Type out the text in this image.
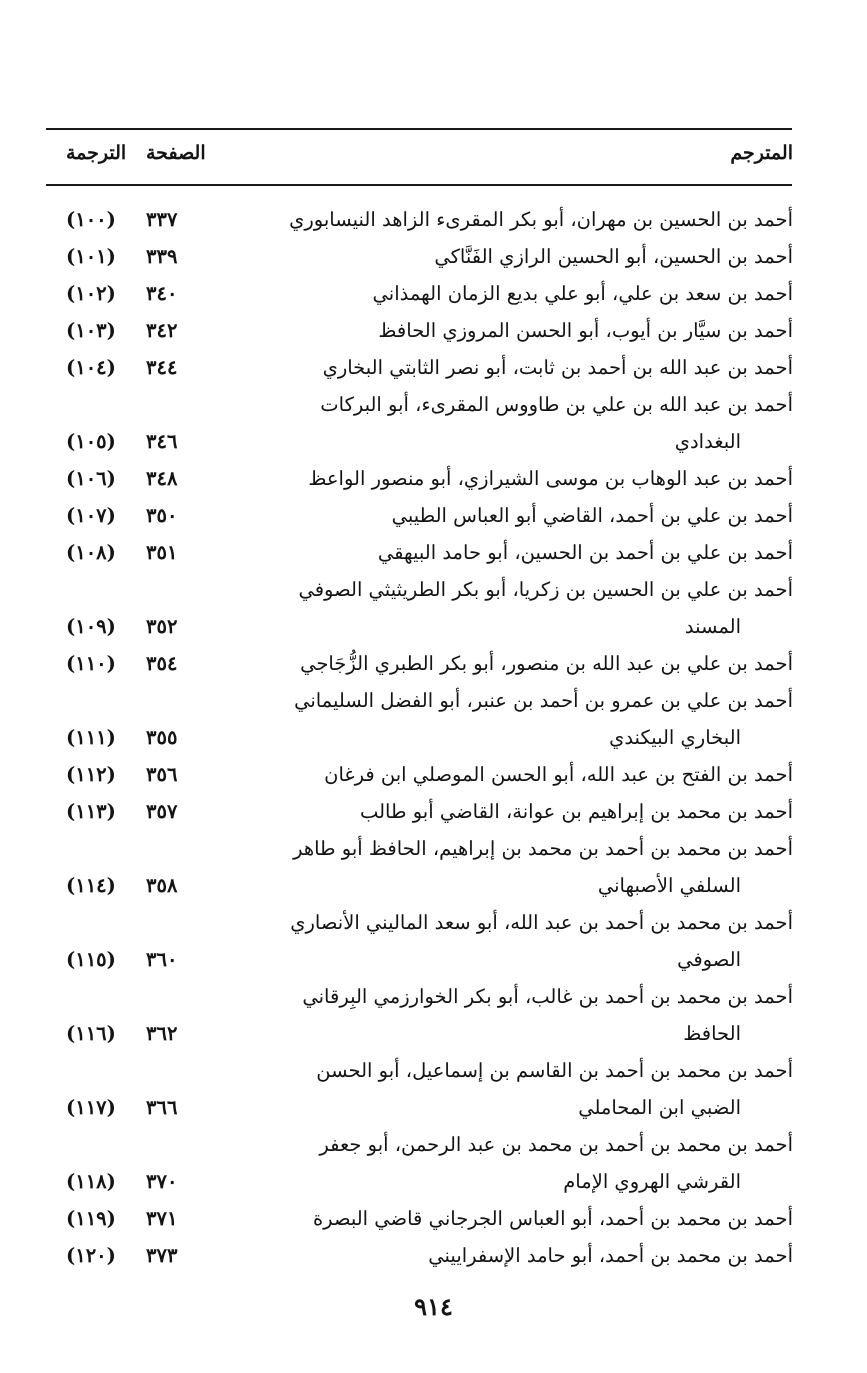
المترجم
الصفحة
الترجمة
أحمد بن الحسين بن مهران، أبو بكر المقرىء الزاهد النيسابوري
٣٣٧
(١٠٠)
أحمد بن الحسين، أبو الحسين الرازي الفَنَّاكي
٣٣٩
(١٠١)
أحمد بن سعد بن علي، أبو علي بديع الزمان الهمذاني
٣٤٠
(١٠٢)
أحمد بن سيَّار بن أيوب، أبو الحسن المروزي الحافظ
٣٤٢
(١٠٣)
أحمد بن عبد الله بن أحمد بن ثابت، أبو نصر الثابتي البخاري
٣٤٤
(١٠٤)
أحمد بن عبد الله بن علي بن طاووس المقرىء، أبو البركات
البغدادي
٣٤٦
(١٠٥)
أحمد بن عبد الوهاب بن موسى الشيرازي، أبو منصور الواعظ
٣٤٨
(١٠٦)
أحمد بن علي بن أحمد، القاضي أبو العباس الطيبي
٣٥٠
(١٠٧)
أحمد بن علي بن أحمد بن الحسين، أبو حامد البيهقي
٣٥١
(١٠٨)
أحمد بن علي بن الحسين بن زكريا، أبو بكر الطريثيثي الصوفي
المسند
٣٥٢
(١٠٩)
أحمد بن علي بن عبد الله بن منصور، أبو بكر الطبري الزُّجَاجي
٣٥٤
(١١٠)
أحمد بن علي بن عمرو بن أحمد بن عنبر، أبو الفضل السليماني
البخاري البيكندي
٣٥٥
(١١١)
أحمد بن الفتح بن عبد الله، أبو الحسن الموصلي ابن فرغان
٣٥٦
(١١٢)
أحمد بن محمد بن إبراهيم بن عوانة، القاضي أبو طالب
٣٥٧
(١١٣)
أحمد بن محمد بن أحمد بن محمد بن إبراهيم، الحافظ أبو طاهر
السلفي الأصبهاني
٣٥٨
(١١٤)
أحمد بن محمد بن أحمد بن عبد الله، أبو سعد الماليني الأنصاري
الصوفي
٣٦٠
(١١٥)
أحمد بن محمد بن أحمد بن غالب، أبو بكر الخوارزمي البِرقاني
الحافظ
٣٦٢
(١١٦)
أحمد بن محمد بن أحمد بن القاسم بن إسماعيل، أبو الحسن
الضبي ابن المحاملي
٣٦٦
(١١٧)
أحمد بن محمد بن أحمد بن محمد بن عبد الرحمن، أبو جعفر
القرشي الهروي الإمام
٣٧٠
(١١٨)
أحمد بن محمد بن أحمد، أبو العباس الجرجاني قاضي البصرة
٣٧١
(١١٩)
أحمد بن محمد بن أحمد، أبو حامد الإسفراييني
٣٧٣
(١٢٠)
٩١٤
